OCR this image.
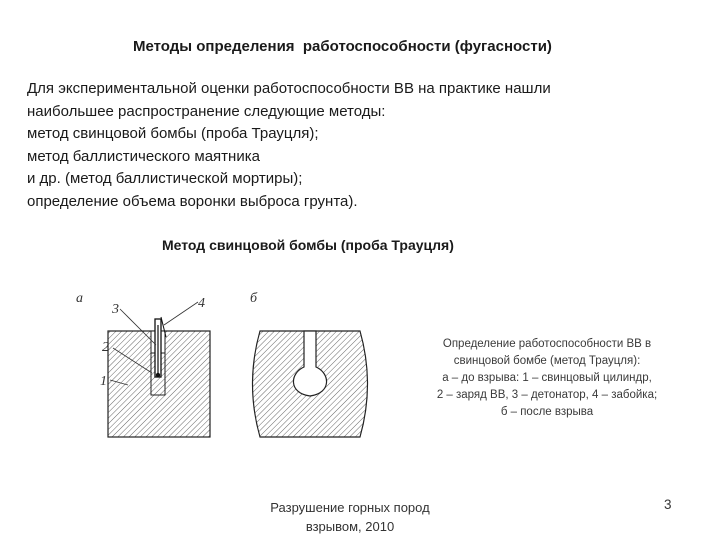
Методы определения  работоспособности (фугасности)
Для экспериментальной оценки работоспособности ВВ на практике нашли
наибольшее распространение следующие методы:
метод свинцовой бомбы (проба Трауцля);
метод баллистического маятника
и др. (метод баллистической мортиры);
определение объема воронки выброса грунта).
Метод свинцовой бомбы (проба Трауцля)
а	б
3	4
2
1
Определение работоспособности ВВ в
свинцовой бомбе (метод Трауцля):
а – до взрыва: 1 – свинцовый цилиндр,
2 – заряд ВВ, 3 – детонатор, 4 – забойка;
б – после взрыва
Разрушение горных пород
взрывом, 2010
3
